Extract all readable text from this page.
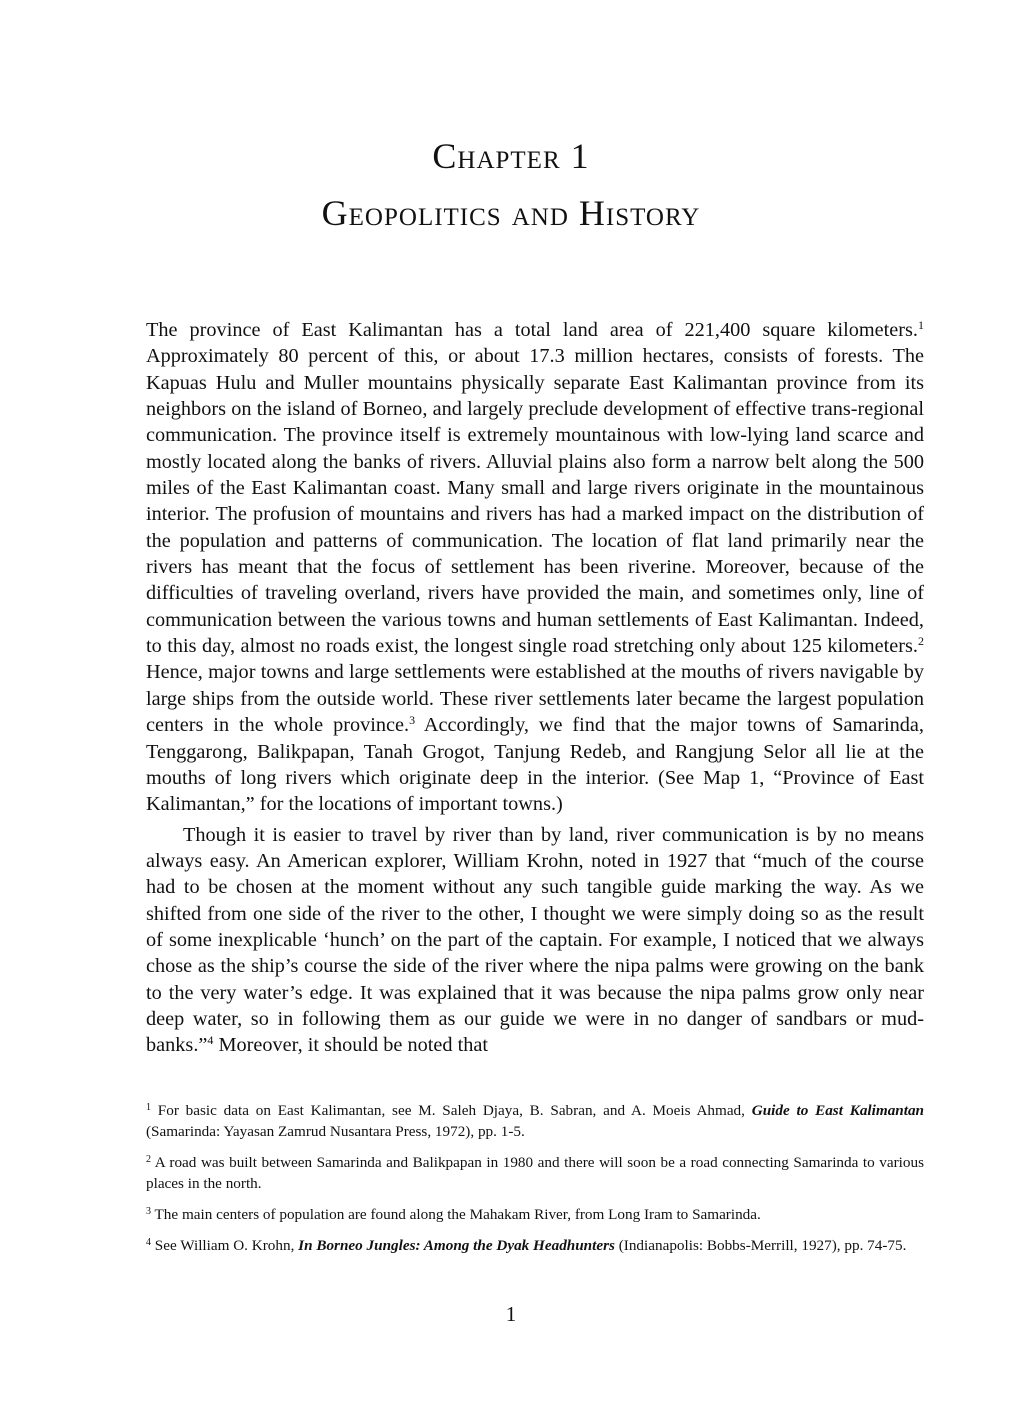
Chapter 1
Geopolitics and History

The province of East Kalimantan has a total land area of 221,400 square kilometers.$^1$ Approximately 80 percent of this, or about 17.3 million hectares, consists of forests. The Kapuas Hulu and Muller mountains physically separate East Kalimantan province from its neighbors on the island of Borneo, and largely preclude development of effective trans-regional communication. The province itself is extremely mountainous with low-lying land scarce and mostly located along the banks of rivers. Alluvial plains also form a narrow belt along the 500 miles of the East Kalimantan coast. Many small and large rivers originate in the mountainous interior. The profusion of mountains and rivers has had a marked impact on the distribution of the population and patterns of communication. The location of flat land primarily near the rivers has meant that the focus of settlement has been riverine. Moreover, because of the difficulties of traveling overland, rivers have provided the main, and sometimes only, line of communication between the various towns and human settlements of East Kalimantan. Indeed, to this day, almost no roads exist, the longest single road stretching only about 125 kilometers.$^2$ Hence, major towns and large settlements were established at the mouths of rivers navigable by large ships from the outside world. These river settlements later became the largest population centers in the whole province.$^3$ Accordingly, we find that the major towns of Samarinda, Tenggarong, Balikpapan, Tanah Grogot, Tanjung Redeb, and Rangjung Selor all lie at the mouths of long rivers which originate deep in the interior. (See Map 1, “Province of East Kalimantan,” for the locations of important towns.)

Though it is easier to travel by river than by land, river communication is by no means always easy. An American explorer, William Krohn, noted in 1927 that “much of the course had to be chosen at the moment without any such tangible guide marking the way. As we shifted from one side of the river to the other, I thought we were simply doing so as the result of some inexplicable ‘hunch’ on the part of the captain. For example, I noticed that we always chose as the ship’s course the side of the river where the nipa palms were growing on the bank to the very water’s edge. It was explained that it was because the nipa palms grow only near deep water, so in following them as our guide we were in no danger of sandbars or mud-banks.”$^4$ Moreover, it should be noted that

$^1$ For basic data on East Kalimantan, see M. Saleh Djaya, B. Sabran, and A. Moeis Ahmad, Guide to East Kalimantan (Samarinda: Yayasan Zamrud Nusantara Press, 1972), pp. 1-5.

$^2$ A road was built between Samarinda and Balikpapan in 1980 and there will soon be a road connecting Samarinda to various places in the north.

$^3$ The main centers of population are found along the Mahakam River, from Long Iram to Samarinda.

$^4$ See William O. Krohn, In Borneo Jungles: Among the Dyak Headhunters (Indianapolis: Bobbs-Merrill, 1927), pp. 74-75.

1
